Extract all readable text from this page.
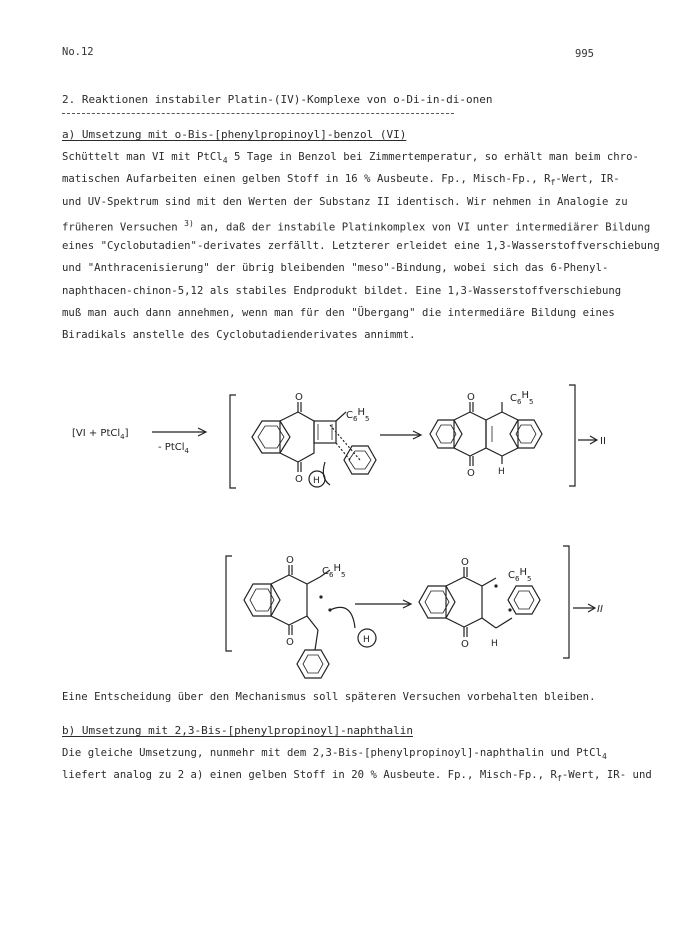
No.12	995
2. Reaktionen instabiler Platin-(IV)-Komplexe von o-Di-in-di-onen
a) Umsetzung mit o-Bis-[phenylpropinoyl]-benzol (VI)
Schüttelt man VI mit PtCl$_4$ 5 Tage in Benzol bei Zimmertemperatur, so erhält man beim chro-
matischen Aufarbeiten einen gelben Stoff in 16 % Ausbeute. Fp., Misch-Fp., $R_f$-Wert, IR-
und UV-Spektrum sind mit den Werten der Substanz II identisch. Wir nehmen in Analogie zu
früheren Versuchen $^{3)}$ an, daß der instabile Platinkomplex von VI unter intermediärer Bildung
eines "Cyclobutadien"-derivates zerfällt. Letzterer erleidet eine 1,3-Wasserstoffverschiebung
und "Anthracenisierung" der übrig bleibenden "meso"-Bindung, wobei sich das 6-Phenyl-
naphthacen-chinon-5,12 als stabiles Endprodukt bildet. Eine 1,3-Wasserstoffverschiebung
muß man auch dann annehmen, wenn man für den "Übergang" die intermediäre Bildung eines
Biradikals anstelle des Cyclobutadienderivates annimmt.
[VI + PtCl$_4$]
- PtCl$_4$
O
O
$C_6H_5$
H
O
O
$C_6H_5$
H
II
O
O
$C_6H_5$
H
O
O
$C_6H_5$
H
II
Eine Entscheidung über den Mechanismus soll späteren Versuchen vorbehalten bleiben.
b) Umsetzung mit 2,3-Bis-[phenylpropinoyl]-naphthalin
Die gleiche Umsetzung, nunmehr mit dem 2,3-Bis-[phenylpropinoyl]-naphthalin und PtCl$_4$
liefert analog zu 2 a) einen gelben Stoff in 20 % Ausbeute. Fp., Misch-Fp., $R_f$-Wert, IR- und
